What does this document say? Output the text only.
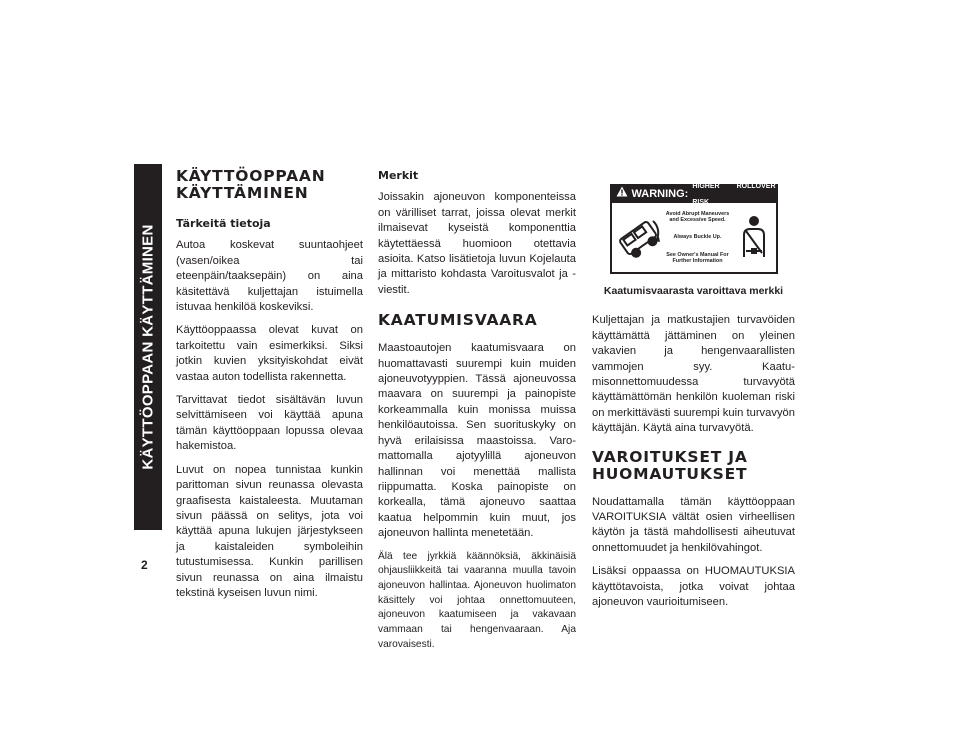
KÄYTTÖOPPAAN KÄYTTÄMINEN
2
KÄYTTÖOPPAAN
KÄYTTÄMINEN
Tärkeitä tietoja

Autoa koskevat suuntaohjeet (vasen/oikea tai eteenpäin/taaksepäin) on aina käsitettävä kuljettajan istuimella istuvaa henkilöä koskeviksi.

Käyttöoppaassa olevat kuvat on tarkoitettu vain esimerkiksi. Siksi jotkin kuvien yksityiskohdat eivät vastaa auton todellista rakennetta.

Tarvittavat tiedot sisältävän luvun selvittämiseen voi käyttää apuna tämän käyttöoppaan lopussa olevaa hakemistoa.

Luvut on nopea tunnistaa kunkin parittoman sivun reunassa olevasta graafisesta kaistaleesta. Muutaman sivun päässä on selitys, jota voi käyttää apuna lukujen järjestykseen ja kaistaleiden symboleihin tutustumisessa. Kunkin parillisen sivun reunassa on aina ilmaistu tekstinä kyseisen luvun nimi.

Merkit

Joissakin ajoneuvon komponenteissa on värilliset tarrat, joissa olevat merkit ilmaisevat kyseistä komponenttia käytettäessä huomioon otettavia asioita. Katso lisätietoja luvun Kojelauta ja mittaristo kohdasta Varoitusvalot ja -viestit.

KAATUMISVAARA

Maastoautojen kaatumisvaara on huomattavasti suurempi kuin muiden ajoneuvotyyppien. Tässä ajoneuvossa maavara on suurempi ja painopiste korkeammalla kuin monissa muissa henkilöautoissa. Sen suorituskyky on hyvä erilaisissa maastoissa. Varomattomalla ajotyylillä ajoneuvon hallinnan voi menettää mallista riippumatta. Koska painopiste on korkealla, tämä ajoneuvo saattaa kaatua helpommin kuin muut, jos ajoneuvon hallinta menetetään.

Älä tee jyrkkiä käännöksiä, äkkinäisiä ohjausliikkeitä tai vaaranna muulla tavoin ajoneuvon hallintaa. Ajoneuvon huolimaton käsittely voi johtaa onnettomuuteen, ajoneuvon kaatumiseen ja vakavaan vammaan tai hengenvaaraan. Aja varovaisesti.

WARNING:
HIGHER ROLLOVER RISK
Avoid Abrupt Maneuvers and Excessive Speed.
Always Buckle Up.
See Owner's Manual For Further Information
Kaatumisvaarasta varoittava merkki

Kuljettajan ja matkustajien turvavöiden käyttämättä jättäminen on yleinen vakavien ja hengenvaarallisten vammojen syy. Kaatumisonnettomuudessa turvavyötä käyttämättömän henkilön kuoleman riski on merkittävästi suurempi kuin turvavyön käyttäjän. Käytä aina turvavyötä.

VAROITUKSET JA
HUOMAUTUKSET

Noudattamalla tämän käyttöoppaan VAROITUKSIA vältät osien virheellisen käytön ja tästä mahdollisesti aiheutuvat onnettomuudet ja henkilövahingot.

Lisäksi oppaassa on HUOMAUTUKSIA käyttötavoista, jotka voivat johtaa ajoneuvon vaurioitumiseen.
